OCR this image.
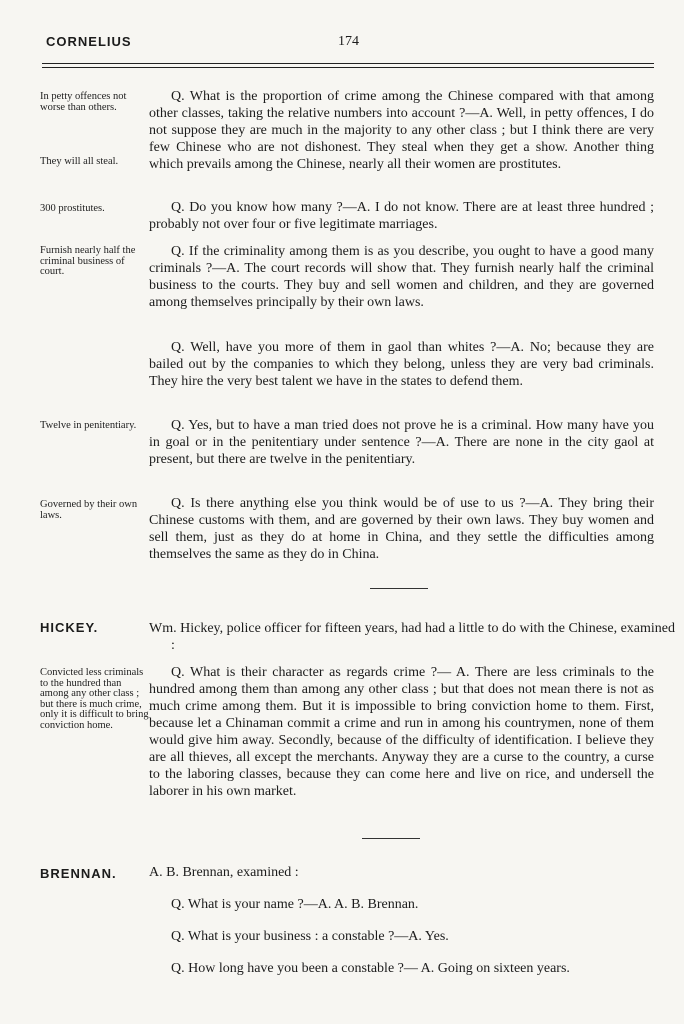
CORNELIUS	174
In petty offences not worse than others.

Q. What is the proportion of crime among the Chinese compared with that among other classes, taking the relative numbers into account ?—A. Well, in petty offences, I do not suppose they are much in the majority to any other class ; but I think there are very few Chinese who are not dishonest. They steal when they get a show. Another thing which prevails among the Chinese, nearly all their women are prostitutes.

They will all steal.
300 prostitutes.	Q. Do you know how many ?—A. I do not know. There are at least three hundred ; probably not over four or five legitimate marriages.

Furnish nearly half the criminal business of court.

Q. If the criminality among them is as you describe, you ought to have a good many criminals ?—A. The court records will show that. They furnish nearly half the criminal business to the courts. They buy and sell women and children, and they are governed among themselves principally by their own laws.

Q. Well, have you more of them in gaol than whites ?—A. No; because they are bailed out by the companies to which they belong, unless they are very bad criminals. They hire the very best talent we have in the states to defend them.

Twelve in penitentiary.	Q. Yes, but to have a man tried does not prove he is a criminal. How many have you in goal or in the penitentiary under sentence ?—A. There are none in the city gaol at present, but there are twelve in the penitentiary.

Governed by their own laws.

Q. Is there anything else you think would be of use to us ?—A. They bring their Chinese customs with them, and are governed by their own laws. They buy women and sell them, just as they do at home in China, and they settle the difficulties among themselves the same as they do in China.

HICKEY.	Wm. Hickey, police officer for fifteen years, had had a little to do with the Chinese, examined :

Convicted less criminals to the hundred than among any other class ; but there is much crime, only it is difficult to bring conviction home.

Q. What is their character as regards crime ?— A. There are less criminals to the hundred among them than among any other class ; but that does not mean there is not as much crime among them. But it is impossible to bring conviction home to them. First, because let a Chinaman commit a crime and run in among his countrymen, none of them would give him away. Secondly, because of the difficulty of identification. I believe they are all thieves, all except the merchants. Anyway they are a curse to the country, a curse to the laboring classes, because they can come here and live on rice, and undersell the laborer in his own market.

BRENNAN. A. B. Brennan, examined :

Q. What is your name ?—A. A. B. Brennan.

Q. What is your business : a constable ?—A. Yes.

Q. How long have you been a constable ?— A. Going on sixteen years.
